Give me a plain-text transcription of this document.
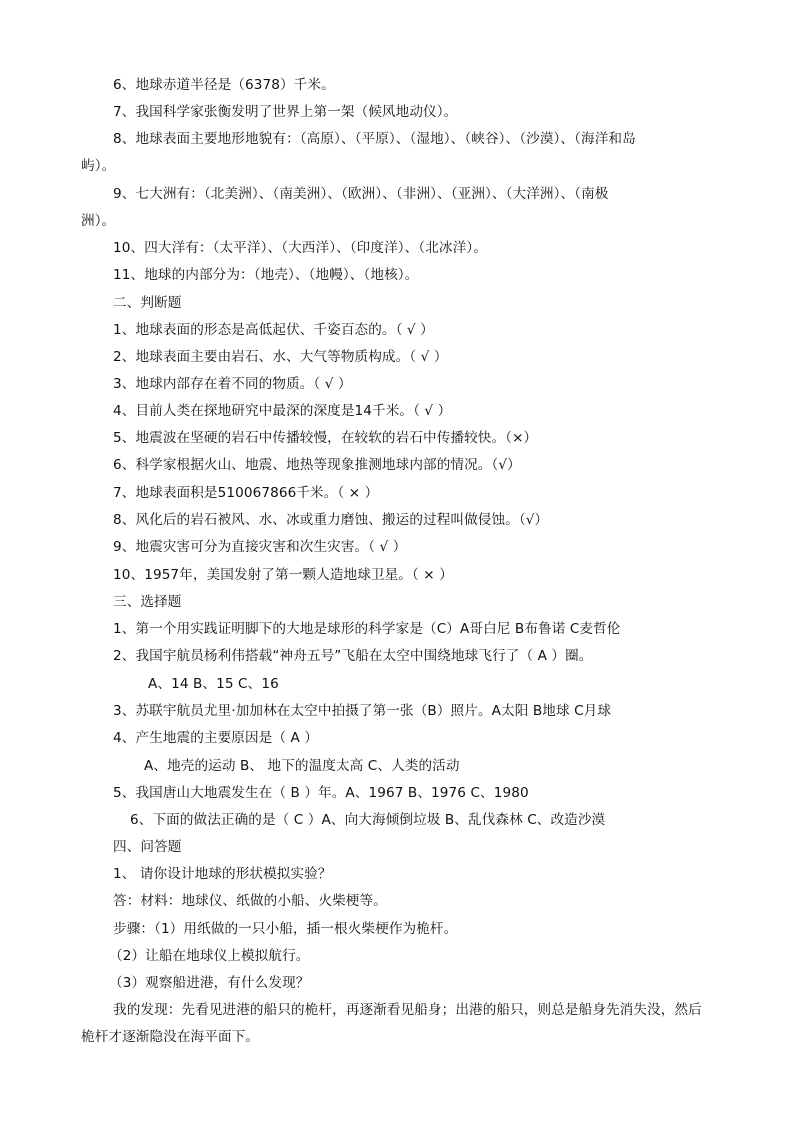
6、地球赤道半径是（6378）千米。
7、我国科学家张衡发明了世界上第一架（候风地动仪）。
8、地球表面主要地形地貌有：（高原）、（平原）、（湿地）、（峡谷）、（沙漠）、（海洋和岛
屿）。
9、七大洲有：（北美洲）、（南美洲）、（欧洲）、（非洲）、（亚洲）、（大洋洲）、（南极
洲）。
10、四大洋有：（太平洋）、（大西洋）、（印度洋）、（北冰洋）。
11、地球的内部分为：（地壳）、（地幔）、（地核）。
二、判断题
1、地球表面的形态是高低起伏、千姿百态的。（ √ ）
2、地球表面主要由岩石、水、大气等物质构成。（ √ ）
3、地球内部存在着不同的物质。（ √ ）
4、目前人类在探地研究中最深的深度是14千米。（ √ ）
5、地震波在坚硬的岩石中传播较慢，在较软的岩石中传播较快。（×）
6、科学家根据火山、地震、地热等现象推测地球内部的情况。（√）
7、地球表面积是510067866千米。（ × ）
8、风化后的岩石被风、水、冰或重力磨蚀、搬运的过程叫做侵蚀。（√）
9、地震灾害可分为直接灾害和次生灾害。（ √ ）
10、1957年，美国发射了第一颗人造地球卫星。（ × ）
三、选择题
1、第一个用实践证明脚下的大地是球形的科学家是（C）A哥白尼 B布鲁诺 C麦哲伦
2、我国宇航员杨利伟搭载“神舟五号”飞船在太空中围绕地球飞行了（ A ）圈。
A、14 B、15 C、16
3、苏联宇航员尤里·加加林在太空中拍摄了第一张（B）照片。A太阳 B地球 C月球
4、产生地震的主要原因是（ A ）
A、地壳的运动 B、 地下的温度太高 C、人类的活动
5、我国唐山大地震发生在（ B ）年。A、1967 B、1976 C、1980
6、下面的做法正确的是（ C ）A、向大海倾倒垃圾 B、乱伐森林 C、改造沙漠
四、问答题
1、 请你设计地球的形状模拟实验？
答：材料：地球仪、纸做的小船、火柴梗等。
步骤：（1）用纸做的一只小船，插一根火柴梗作为桅杆。
（2）让船在地球仪上模拟航行。
（3）观察船进港，有什么发现？
我的发现：先看见进港的船只的桅杆，再逐渐看见船身；出港的船只，则总是船身先消失没，然后
桅杆才逐渐隐没在海平面下。
